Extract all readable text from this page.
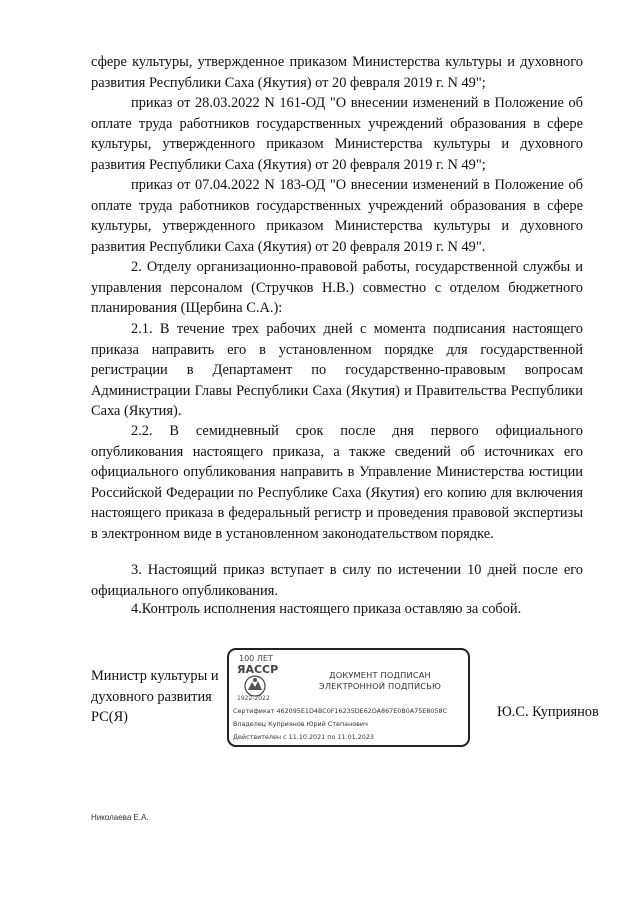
сфере культуры, утвержденное приказом Министерства культуры и духовного развития Республики Саха (Якутия) от 20 февраля 2019 г. N 49";

приказ от 28.03.2022 N 161-ОД "О внесении изменений в Положение об оплате труда работников государственных учреждений образования в сфере культуры, утвержденного приказом Министерства культуры и духовного развития Республики Саха (Якутия) от 20 февраля 2019 г. N 49";

приказ от 07.04.2022 N 183-ОД "О внесении изменений в Положение об оплате труда работников государственных учреждений образования в сфере культуры, утвержденного приказом Министерства культуры и духовного развития Республики Саха (Якутия) от 20 февраля 2019 г. N 49".

2. Отделу организационно-правовой работы, государственной службы и управления персоналом (Стручков Н.В.) совместно с отделом бюджетного планирования (Щербина С.А.):

2.1. В течение трех рабочих дней с момента подписания настоящего приказа направить его в установленном порядке для государственной регистрации в Департамент по государственно-правовым вопросам Администрации Главы Республики Саха (Якутия) и Правительства Республики Саха (Якутия).

2.2. В семидневный срок после дня первого официального опубликования настоящего приказа, а также сведений об источниках его официального опубликования направить в Управление Министерства юстиции Российской Федерации по Республике Саха (Якутия) его копию для включения настоящего приказа в федеральный регистр и проведения правовой экспертизы в электронном виде в установленном законодательством порядке.

3. Настоящий приказ вступает в силу по истечении 10 дней после его официального опубликования.

4.Контроль исполнения настоящего приказа оставляю за собой.

Министр культуры и духовного развития РС(Я)
100 ЛЕТ
ЯАССР
1922-2022
ДОКУМЕНТ ПОДПИСАН
ЭЛЕКТРОННОЙ ПОДПИСЬЮ
Сертификат 462095E1D4BC0F16235DE62DA867E0B0A75E8058C
Владелец Куприянов Юрий Степанович
Действителен с 11.10.2021 по 11.01.2023
Ю.С. Куприянов
Николаева Е.А.
